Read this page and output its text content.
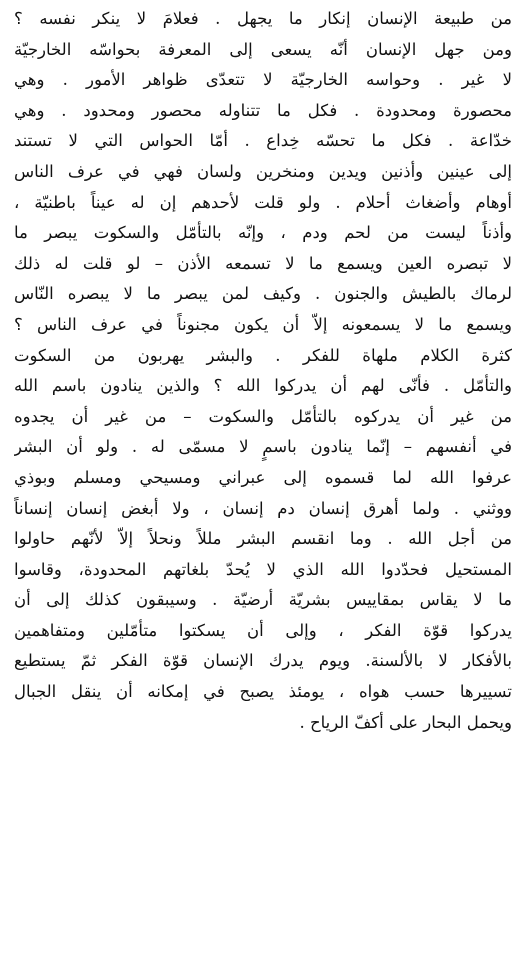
من طبيعة الإنسان إنكار ما يجهل . فعلامَ لا ينكر نفسه ؟
ومن جهل الإنسان أنّه يسعى إلى المعرفة بحواسّه الخارجيّة
لا غير . وحواسه الخارجيّة لا تتعدّى ظواهر الأمور . وهي
محصورة ومحدودة . فكل ما تتناوله محصور ومحدود . وهي
خدّاعة . فكل ما تحسّه خِداع . أمّا الحواس التي لا تستند
إلى عينين وأذنين ويدين ومنخرين ولسان فهي في عرف الناس
أوهام وأضغاث أحلام . ولو قلت لأحدهم إن له عيناً باطنيّة ،
وأذناً ليست من لحم ودم ، وإنّه بالتأمّل والسكوت يبصر ما
لا تبصره العين ويسمع ما لا تسمعه الأذن – لو قلت له ذلك
لرماك بالطيش والجنون . وكيف لمن يبصر ما لا يبصره النّاس
ويسمع ما لا يسمعونه إلاّ أن يكون مجنوناً في عرف الناس ؟
كثرة الكلام ملهاة للفكر . والبشر يهربون من السكوت
والتأمّل . فأنّى لهم أن يدركوا الله ؟ والذين ينادون باسم الله
من غير أن يدركوه بالتأمّل والسكوت – من غير أن يجدوه
في أنفسهم – إنّما ينادون باسمٍ لا مسمّى له . ولو أن البشر
عرفوا الله لما قسموه إلى عبراني ومسيحي ومسلم وبوذي
ووثني . ولما أهرق إنسان دم إنسان ، ولا أبغض إنسان إنساناً
من أجل الله . وما انقسم البشر مللاً ونحلاً إلاّ لأنّهم حاولوا
المستحيل فحدّدوا الله الذي لا يُحدّ بلغاتهم المحدودة، وقاسوا
ما لا يقاس بمقاييس بشريّة أرضيّة . وسيبقون كذلك إلى أن
يدركوا قوّة الفكر ، وإلى أن يسكتوا متأمّلين ومتفاهمين
بالأفكار لا بالألسنة. ويوم يدرك الإنسان قوّة الفكر ثمّ يستطيع
تسييرها حسب هواه ، يومئذ يصبح في إمكانه أن ينقل الجبال
ويحمل البحار على أكفّ الرياح .
